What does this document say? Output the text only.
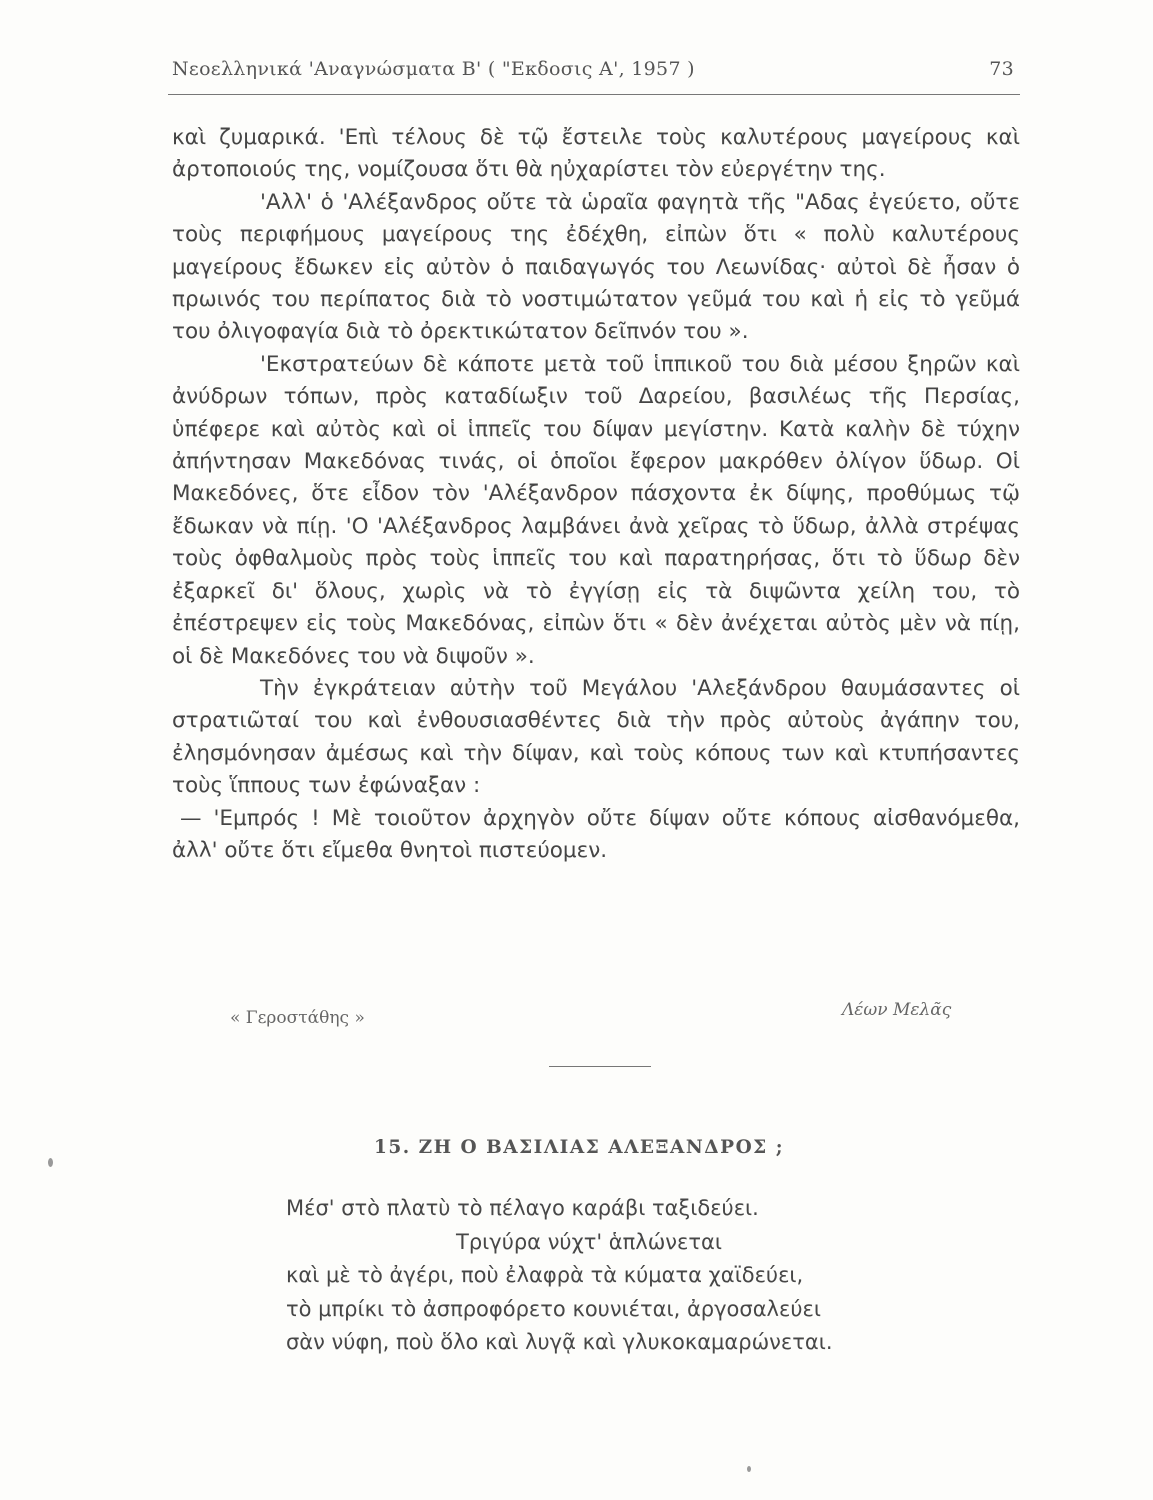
Νεοελληνικά 'Αναγνώσματα Β' ( "Εκδοσις Α', 1957 )	73

καὶ ζυμαρικά. 'Επὶ τέλους δὲ τῷ ἔστειλε τοὺς καλυτέρους μαγείρους καὶ ἀρτοποιούς της, νομίζουσα ὅτι θὰ ηὐχαρίστει τὸν εὐεργέτην της.

'Αλλ' ὁ 'Αλέξανδρος οὔτε τὰ ὡραῖα φαγητὰ τῆς "Αδας ἐγεύετο, οὔτε τοὺς περιφήμους μαγείρους της ἐδέχθη, εἰπὼν ὅτι « πολὺ καλυτέρους μαγείρους ἔδωκεν εἰς αὐτὸν ὁ παιδαγωγός του Λεωνίδας· αὐτοὶ δὲ ἦσαν ὁ πρωινός του περίπατος διὰ τὸ νοστιμώτατον γεῦμά του καὶ ἡ εἰς τὸ γεῦμά του ὀλιγοφαγία διὰ τὸ ὀρεκτικώτατον δεῖπνόν του ».

'Εκστρατεύων δὲ κάποτε μετὰ τοῦ ἱππικοῦ του διὰ μέσου ξηρῶν καὶ ἀνύδρων τόπων, πρὸς καταδίωξιν τοῦ Δαρείου, βασιλέως τῆς Περσίας, ὑπέφερε καὶ αὐτὸς καὶ οἱ ἱππεῖς του δίψαν μεγίστην. Κατὰ καλὴν δὲ τύχην ἀπήντησαν Μακεδόνας τινάς, οἱ ὁποῖοι ἔφερον μακρόθεν ὀλίγον ὕδωρ. Οἱ Μακεδόνες, ὅτε εἶδον τὸν 'Αλέξανδρον πάσχοντα ἐκ δίψης, προθύμως τῷ ἔδωκαν νὰ πίῃ. 'Ο 'Αλέξανδρος λαμβάνει ἀνὰ χεῖρας τὸ ὕδωρ, ἀλλὰ στρέψας τοὺς ὀφθαλμοὺς πρὸς τοὺς ἱππεῖς του καὶ παρατηρήσας, ὅτι τὸ ὕδωρ δὲν ἐξαρκεῖ δι' ὅλους, χωρὶς νὰ τὸ ἐγγίσῃ εἰς τὰ διψῶντα χείλη του, τὸ ἐπέστρεψεν εἰς τοὺς Μακεδόνας, εἰπὼν ὅτι « δὲν ἀνέχεται αὐτὸς μὲν νὰ πίῃ, οἱ δὲ Μακεδόνες του νὰ διψοῦν ».

Τὴν ἐγκράτειαν αὐτὴν τοῦ Μεγάλου 'Αλεξάνδρου θαυμάσαντες οἱ στρατιῶταί του καὶ ἐνθουσιασθέντες διὰ τὴν πρὸς αὐτοὺς ἀγάπην του, ἐλησμόνησαν ἀμέσως καὶ τὴν δίψαν, καὶ τοὺς κόπους των καὶ κτυπήσαντες τοὺς ἵππους των ἐφώναξαν :

— 'Εμπρός ! Μὲ τοιοῦτον ἀρχηγὸν οὔτε δίψαν οὔτε κόπους αἰσθανόμεθα, ἀλλ' οὔτε ὅτι εἴμεθα θνητοὶ πιστεύομεν.

« Γεροστάθης »	Λέων Μελᾶς
15. ΖΗ Ο ΒΑΣΙΛΙΑΣ ΑΛΕΞΑΝΔΡΟΣ ;
Μέσ' στὸ πλατὺ τὸ πέλαγο καράβι ταξιδεύει.
Τριγύρα νύχτ' ἁπλώνεται
καὶ μὲ τὸ ἀγέρι, ποὺ ἐλαφρὰ τὰ κύματα χαϊδεύει,
τὸ μπρίκι τὸ ἀσπροφόρετο κουνιέται, ἀργοσαλεύει
σὰν νύφη, ποὺ ὅλο καὶ λυγᾷ καὶ γλυκοκαμαρώνεται.
